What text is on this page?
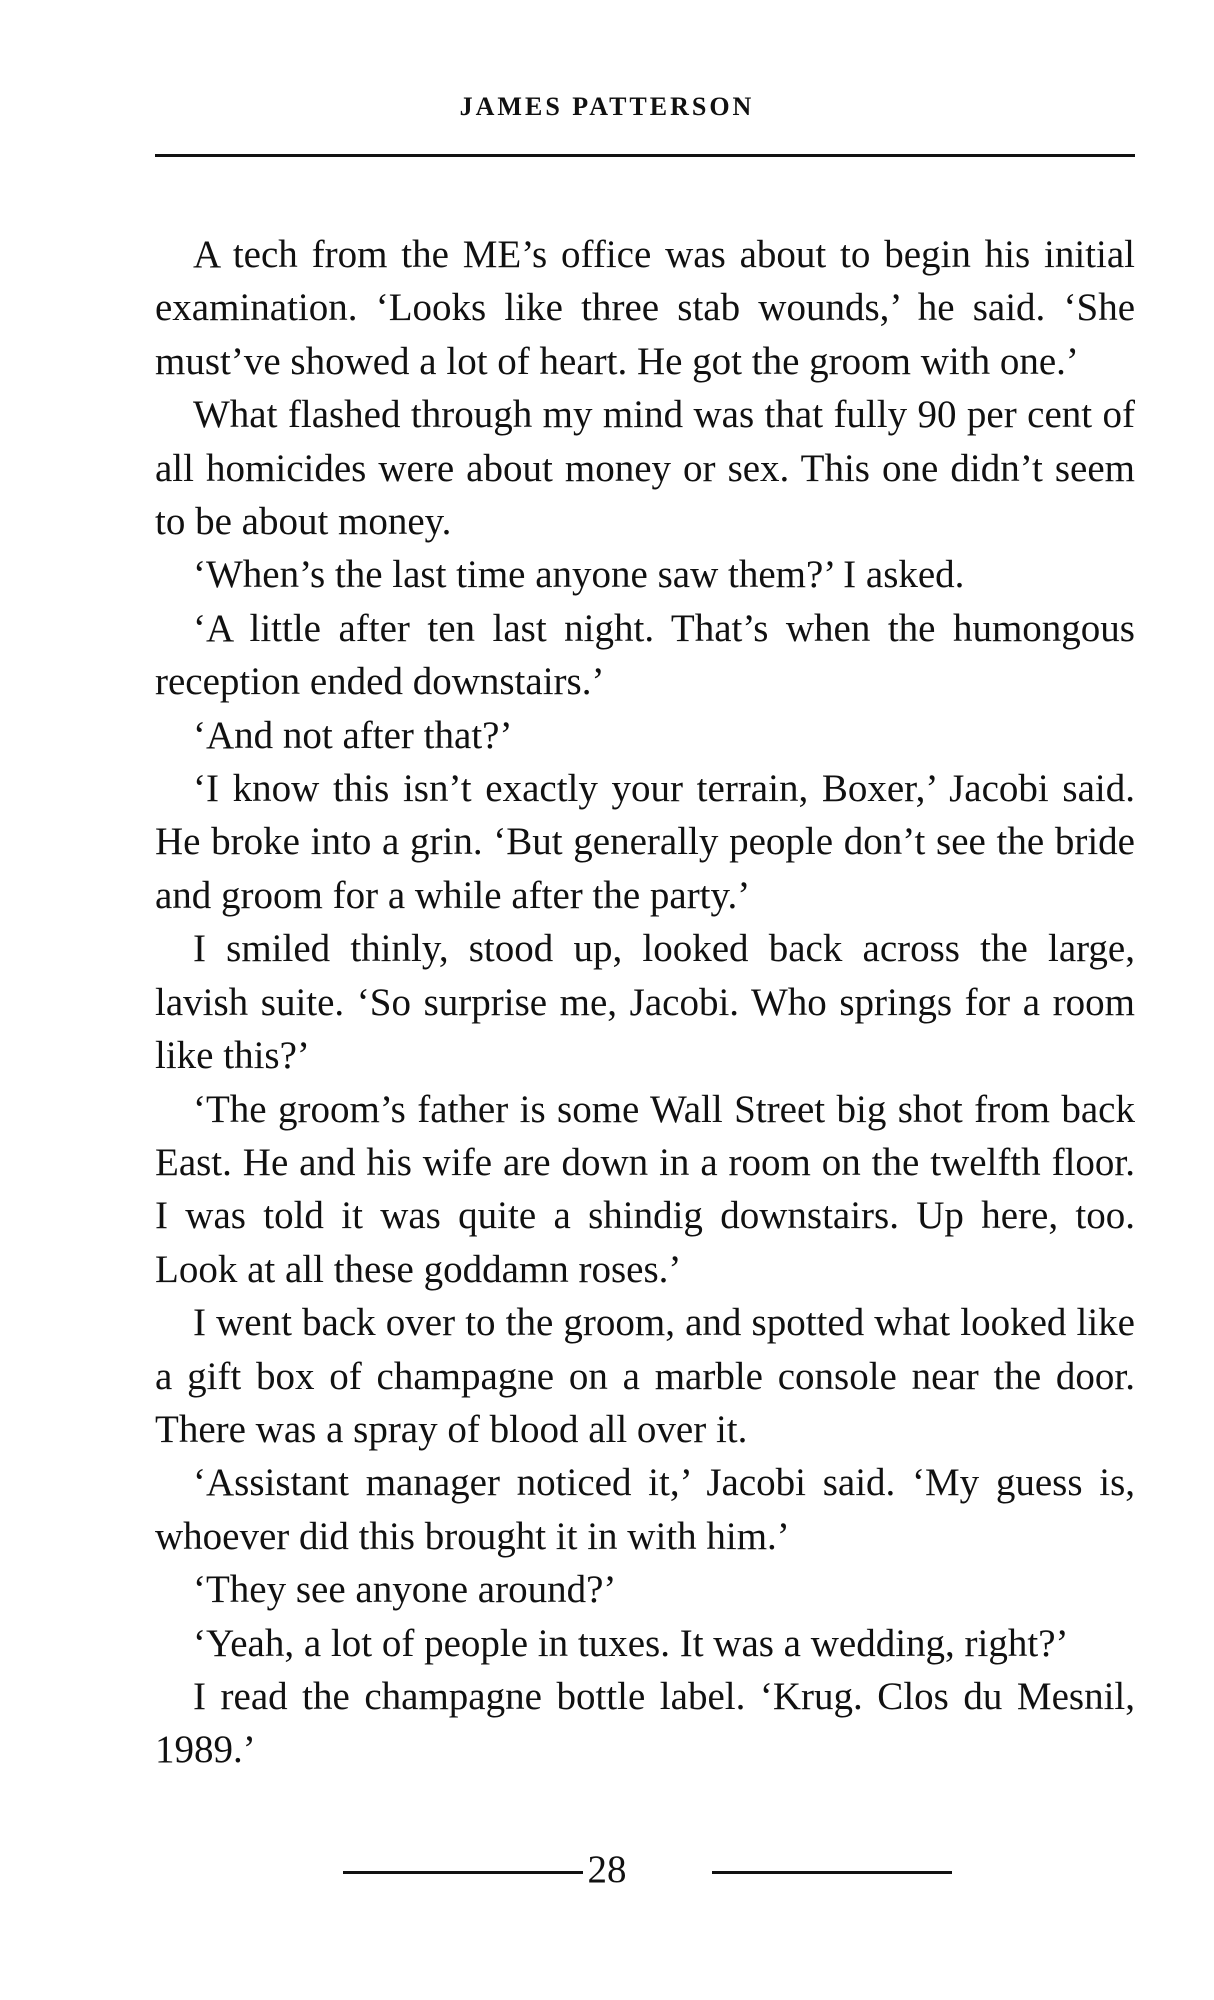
JAMES PATTERSON

A tech from the ME’s office was about to begin his initial examination. ‘Looks like three stab wounds,’ he said. ‘She must’ve showed a lot of heart. He got the groom with one.’

What flashed through my mind was that fully 90 per cent of all homicides were about money or sex. This one didn’t seem to be about money.

‘When’s the last time anyone saw them?’ I asked.

‘A little after ten last night. That’s when the humongous reception ended downstairs.’

‘And not after that?’

‘I know this isn’t exactly your terrain, Boxer,’ Jacobi said. He broke into a grin. ‘But generally people don’t see the bride and groom for a while after the party.’

I smiled thinly, stood up, looked back across the large, lavish suite. ‘So surprise me, Jacobi. Who springs for a room like this?’

‘The groom’s father is some Wall Street big shot from back East. He and his wife are down in a room on the twelfth floor. I was told it was quite a shindig downstairs. Up here, too. Look at all these goddamn roses.’

I went back over to the groom, and spotted what looked like a gift box of champagne on a marble console near the door. There was a spray of blood all over it.

‘Assistant manager noticed it,’ Jacobi said. ‘My guess is, whoever did this brought it in with him.’

‘They see anyone around?’

‘Yeah, a lot of people in tuxes. It was a wedding, right?’

I read the champagne bottle label. ‘Krug. Clos du Mesnil, 1989.’

28
